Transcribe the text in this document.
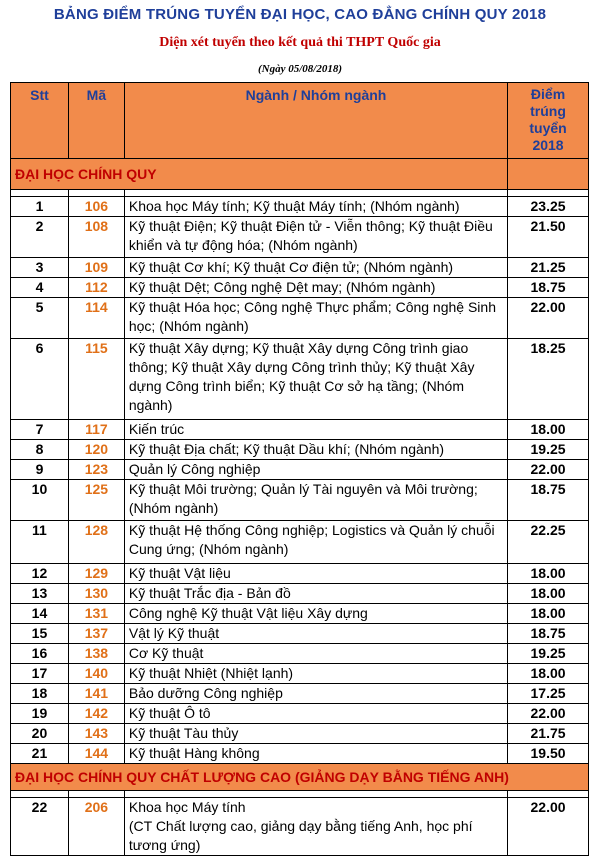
BẢNG ĐIỂM TRÚNG TUYỂN ĐẠI HỌC, CAO ĐẲNG CHÍNH QUY 2018
Diện xét tuyển theo kết quả thi THPT Quốc gia
(Ngày 05/08/2018)
Stt	Mã	Ngành / Nhóm ngành	Điểm
trúng
tuyển
2018

ĐẠI HỌC CHÍNH QUY			

1	106	Khoa học Máy tính; Kỹ thuật Máy tính; (Nhóm ngành)	23.25
2	108	Kỹ thuật Điện; Kỹ thuật Điện tử - Viễn thông; Kỹ thuật Điều khiển và tự động hóa; (Nhóm ngành)	21.50
3	109	Kỹ thuật Cơ khí; Kỹ thuật Cơ điện tử; (Nhóm ngành)	21.25
4	112	Kỹ thuật Dệt; Công nghệ Dệt may; (Nhóm ngành)	18.75
5	114	Kỹ thuật Hóa học; Công nghệ Thực phẩm; Công nghệ Sinh học; (Nhóm ngành)	22.00
6	115	Kỹ thuật Xây dựng; Kỹ thuật Xây dựng Công trình giao thông; Kỹ thuật Xây dựng Công trình thủy; Kỹ thuật Xây dựng Công trình biển; Kỹ thuật Cơ sở hạ tầng; (Nhóm ngành)	18.25
7	117	Kiến trúc	18.00
8	120	Kỹ thuật Địa chất; Kỹ thuật Dầu khí; (Nhóm ngành)	19.25
9	123	Quản lý Công nghiệp	22.00
10	125	Kỹ thuật Môi trường; Quản lý Tài nguyên và Môi trường; (Nhóm ngành)	18.75
11	128	Kỹ thuật Hệ thống Công nghiệp; Logistics và Quản lý chuỗi Cung ứng; (Nhóm ngành)	22.25
12	129	Kỹ thuật Vật liệu	18.00
13	130	Kỹ thuật Trắc địa - Bản đồ	18.00
14	131	Công nghệ Kỹ thuật Vật liệu Xây dựng	18.00
15	137	Vật lý Kỹ thuật	18.75
16	138	Cơ Kỹ thuật	19.25
17	140	Kỹ thuật Nhiệt (Nhiệt lạnh)	18.00
18	141	Bảo dưỡng Công nghiệp	17.25
19	142	Kỹ thuật Ô tô	22.00
20	143	Kỹ thuật Tàu thủy	21.75
21	144	Kỹ thuật Hàng không	19.50
ĐẠI HỌC CHÍNH QUY CHẤT LƯỢNG CAO (GIẢNG DẠY BẰNG TIẾNG ANH)			

22	206	Khoa học Máy tính
(CT Chất lượng cao, giảng dạy bằng tiếng Anh, học phí tương ứng)	22.00
